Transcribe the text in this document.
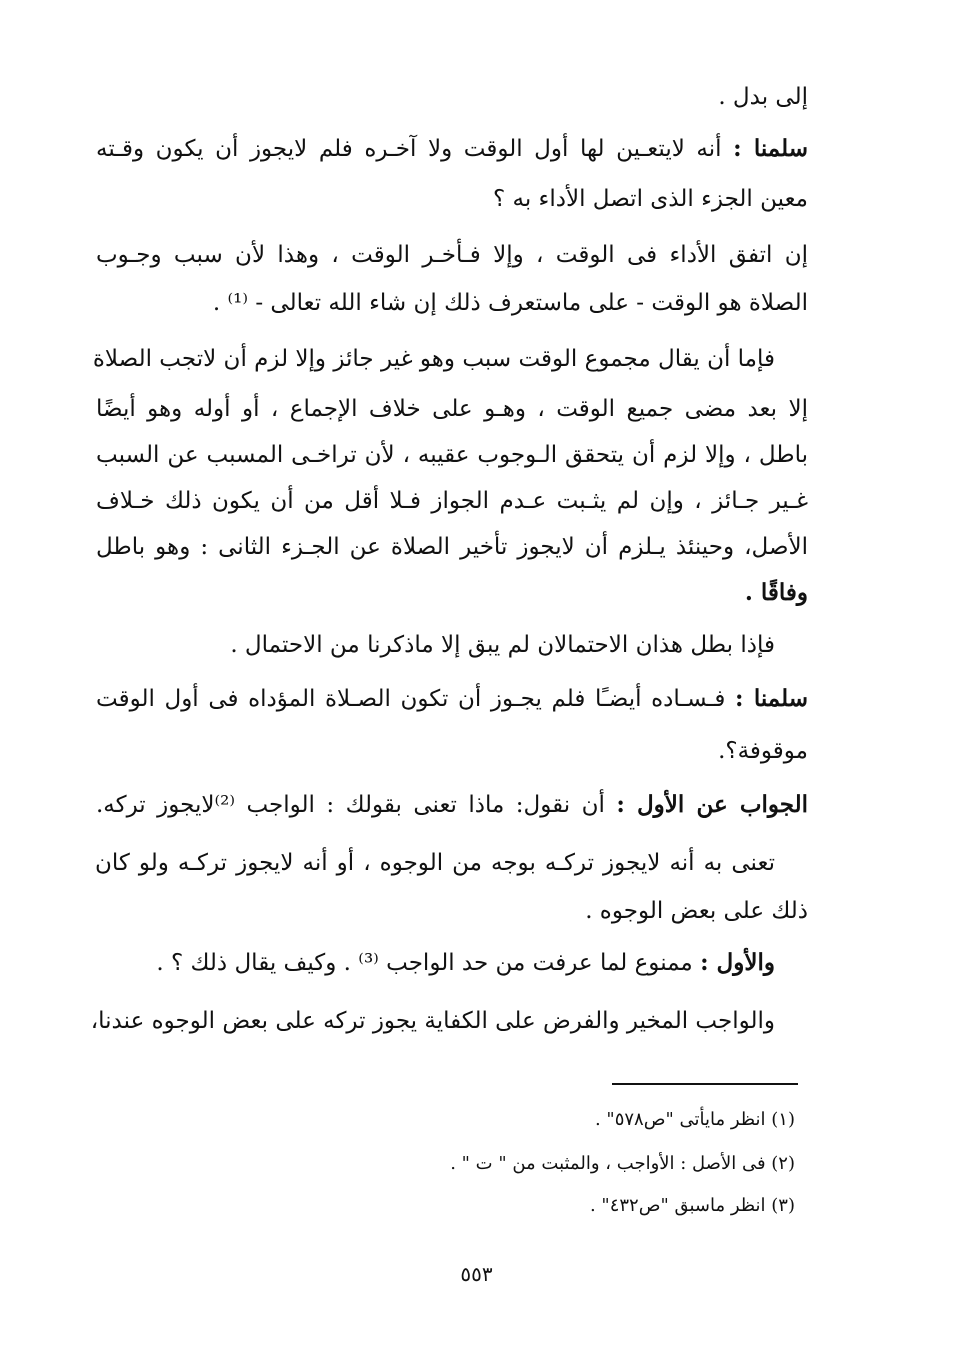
إلى بدل .
سلمنا : أنه لايتعـين لها أول الوقت ولا آخـره فلم لايجوز أن يكون وقـته
معين الجزء الذى اتصل الأداء به ؟
إن اتفق الأداء فى الوقت ، وإلا فـأخـر الوقت ، وهذا لأن سبب وجـوب
الصلاة هو الوقت - على ماستعرف ذلك إن شاء الله تعالى - ⁽¹⁾ .
فإما أن يقال مجموع الوقت سبب وهو غير جائز وإلا لزم أن لاتجب الصلاة
إلا بعد مضى جميع الوقت ، وهـو على خلاف الإجماع ، أو أوله وهو أيضًا
باطل ، وإلا لزم أن يتحقق الـوجوب عقيبه ، لأن تراخـى المسبب عن السبب
غـير جـائز ، وإن لم يثـبت عـدم الجواز فـلا أقل من أن يكون ذلك خـلاف
الأصل، وحينئذ يـلزم أن لايجوز تأخير الصلاة عن الجـزء الثانى : وهو باطل
وفاقًا .
فإذا بطل هذان الاحتمالان لم يبق إلا ماذكرنا من الاحتمال .
سلمنا : فـسـاده أيضـًا فلم يجـوز أن تكون الصـلاة المؤداه فى أول الوقت
موقوفة؟.
الجواب عن الأول : أن نقول: ماذا تعنى بقولك : الواجب ⁽²⁾لايجوز تركه.
تعنى به أنه لايجوز تركـه بوجه من الوجوه ، أو أنه لايجوز تركـه ولو كان
ذلك على بعض الوجوه .
والأول : ممنوع لما عرفت من حد الواجب ⁽³⁾ . وكيف يقال ذلك ؟ .
والواجب المخير والفرض على الكفاية يجوز تركه على بعض الوجوه عندنا،
(١) انظر مايأتى "ص٥٧٨" .
(٢) فى الأصل : الأواجب ، والمثبت من " ت " .
(٣) انظر ماسبق "ص٤٣٢" .
٥٥٣
